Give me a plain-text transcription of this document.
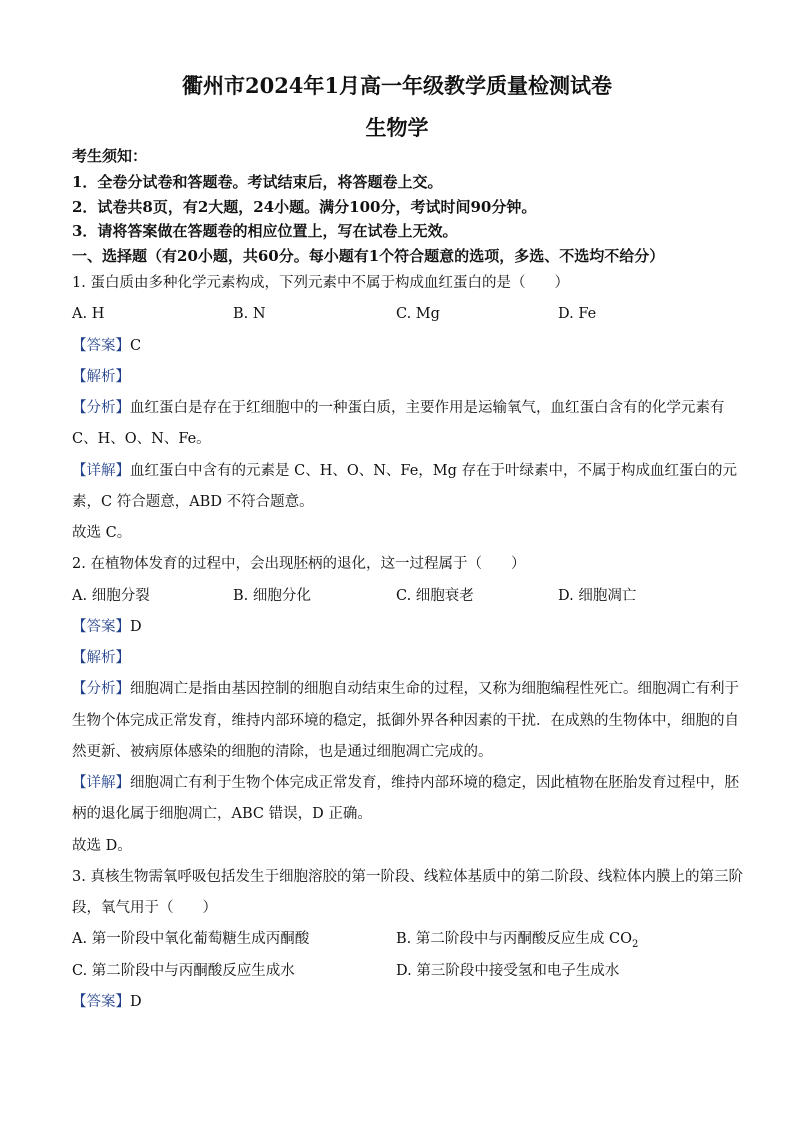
衢州市2024年1月高一年级教学质量检测试卷
生物学
考生须知：
1．全卷分试卷和答题卷。考试结束后，将答题卷上交。
2．试卷共8页，有2大题，24小题。满分100分，考试时间90分钟。
3．请将答案做在答题卷的相应位置上，写在试卷上无效。
一、选择题（有20小题，共60分。每小题有1个符合题意的选项，多选、不选均不给分）
1. 蛋白质由多种化学元素构成，下列元素中不属于构成血红蛋白的是（　　）
A. H	B. N	C. Mg	D. Fe
【答案】C
【解析】
【分析】血红蛋白是存在于红细胞中的一种蛋白质，主要作用是运输氧气，血红蛋白含有的化学元素有
C、H、O、N、Fe。
【详解】血红蛋白中含有的元素是 C、H、O、N、Fe，Mg 存在于叶绿素中，不属于构成血红蛋白的元
素，C 符合题意，ABD 不符合题意。
故选 C。
2. 在植物体发育的过程中，会出现胚柄的退化，这一过程属于（　　）
A. 细胞分裂	B. 细胞分化	C. 细胞衰老	D. 细胞凋亡
【答案】D
【解析】
【分析】细胞凋亡是指由基因控制的细胞自动结束生命的过程，又称为细胞编程性死亡。细胞凋亡有利于
生物个体完成正常发育，维持内部环境的稳定，抵御外界各种因素的干扰．在成熟的生物体中，细胞的自
然更新、被病原体感染的细胞的清除，也是通过细胞凋亡完成的。
【详解】细胞凋亡有利于生物个体完成正常发育，维持内部环境的稳定，因此植物在胚胎发育过程中，胚
柄的退化属于细胞凋亡，ABC 错误，D 正确。
故选 D。
3. 真核生物需氧呼吸包括发生于细胞溶胶的第一阶段、线粒体基质中的第二阶段、线粒体内膜上的第三阶
段，氧气用于（　　）
A. 第一阶段中氧化葡萄糖生成丙酮酸	B. 第二阶段中与丙酮酸反应生成 $CO_2$
C. 第二阶段中与丙酮酸反应生成水	D. 第三阶段中接受氢和电子生成水
【答案】D
